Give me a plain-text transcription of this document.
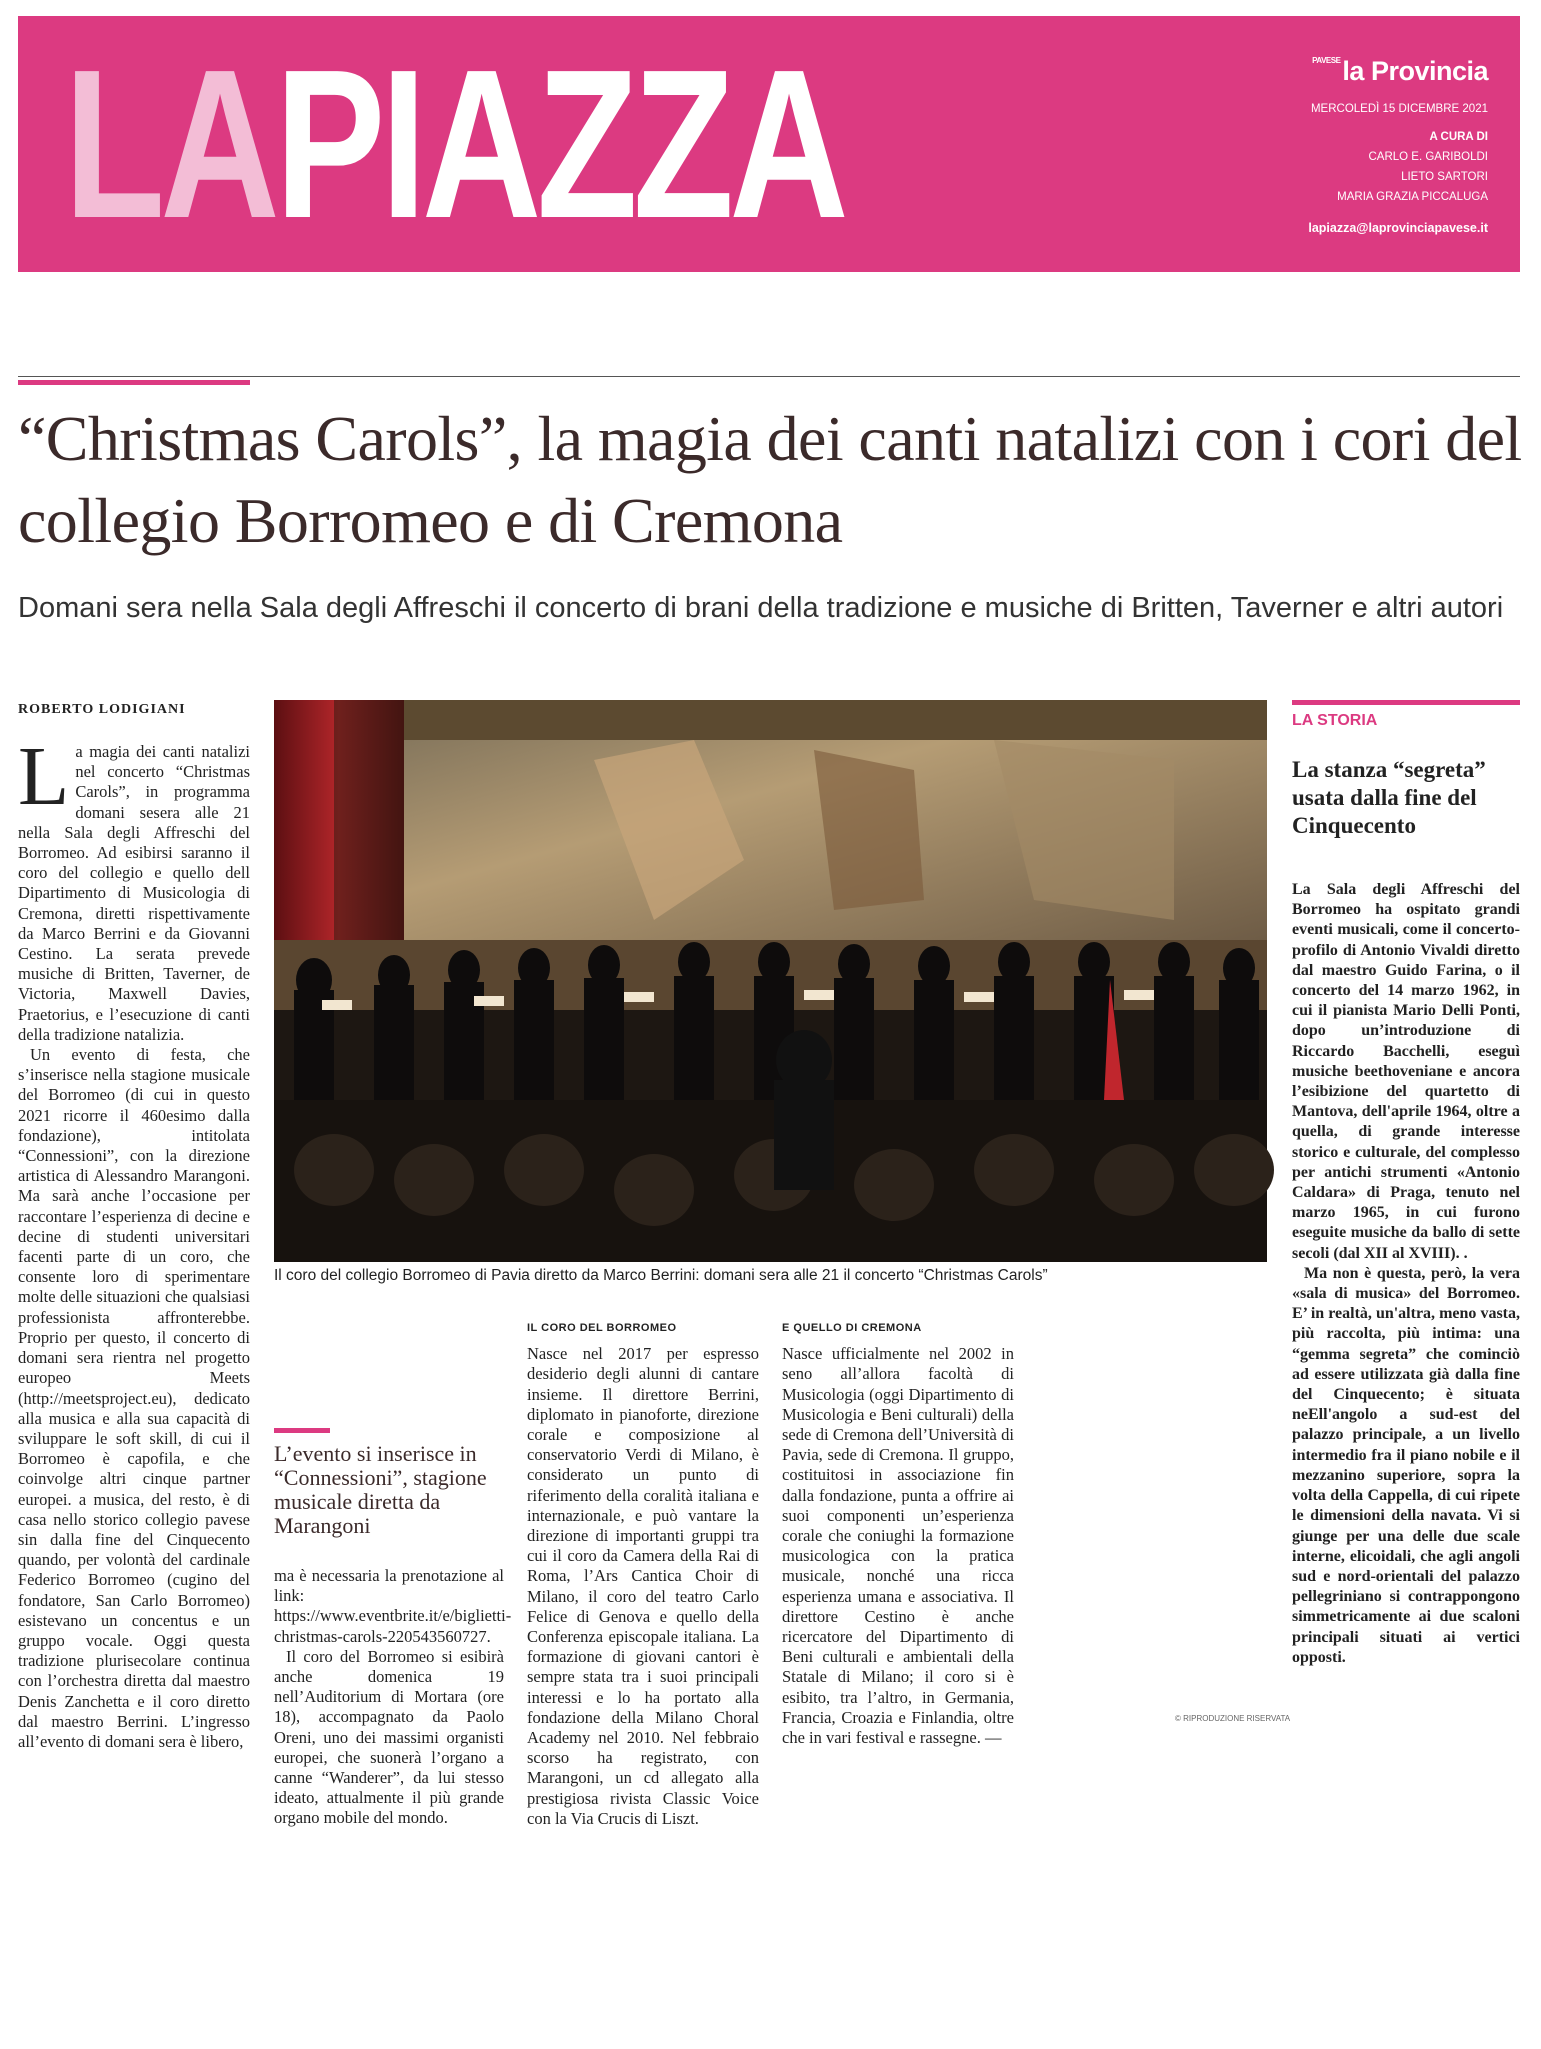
LAPIAZZA	$^{PAVESE}$la Provincia
MERCOLEDÌ 15 DICEMBRE 2021
A CURA DI
CARLO E. GARIBOLDI
LIETO SARTORI
MARIA GRAZIA PICCALUGA
lapiazza@laprovinciapavese.it
“Christmas Carols”, la magia dei canti natalizi con i cori del collegio Borromeo e di Cremona
Domani sera nella Sala degli Affreschi il concerto di brani della tradizione e musiche di Britten, Taverner e altri autori
ROBERTO LODIGIANI

La magia dei canti natalizi nel concerto “Christmas Carols”, in programma domani sesera alle 21 nella Sala degli Affreschi del Borromeo. Ad esibirsi saranno il coro del collegio e quello dell Dipartimento di Musicologia di Cremona, diretti rispettivamente da Marco Berrini e da Giovanni Cestino. La serata prevede musiche di Britten, Taverner, de Victoria, Maxwell Davies, Praetorius, e l’esecuzione di canti della tradizione natalizia.

Un evento di festa, che s’inserisce nella stagione musicale del Borromeo (di cui in questo 2021 ricorre il 460esimo dalla fondazione), intitolata “Connessioni”, con la direzione artistica di Alessandro Marangoni. Ma sarà anche l’occasione per raccontare l’esperienza di decine e decine di studenti universitari facenti parte di un coro, che consente loro di sperimentare molte delle situazioni che qualsiasi professionista affronterebbe. Proprio per questo, il concerto di domani sera rientra nel progetto europeo Meets (http://meetsproject.eu), dedicato alla musica e alla sua capacità di sviluppare le soft skill, di cui il Borromeo è capofila, e che coinvolge altri cinque partner europei. a musica, del resto, è di casa nello storico collegio pavese sin dalla fine del Cinquecento quando, per volontà del cardinale Federico Borromeo (cugino del fondatore, San Carlo Borromeo) esistevano un concentus e un gruppo vocale. Oggi questa tradizione plurisecolare continua con l’orchestra diretta dal maestro Denis Zanchetta e il coro diretto dal maestro Berrini. L’ingresso all’evento di domani sera è libero,

Il coro del collegio Borromeo di Pavia diretto da Marco Berrini: domani sera alle 21 il concerto “Christmas Carols”
L’evento si inserisce in “Connessioni”, stagione musicale diretta da Marangoni

ma è necessaria la prenotazione al link: https://www.eventbrite.it/e/biglietti-christmas-carols-220543560727.

Il coro del Borromeo si esibirà anche domenica 19 nell’Auditorium di Mortara (ore 18), accompagnato da Paolo Oreni, uno dei massimi organisti europei, che suonerà l’organo a canne “Wanderer”, da lui stesso ideato, attualmente il più grande organo mobile del mondo.

IL CORO DEL BORROMEO

Nasce nel 2017 per espresso desiderio degli alunni di cantare insieme. Il direttore Berrini, diplomato in pianoforte, direzione corale e composizione al conservatorio Verdi di Milano, è considerato un punto di riferimento della coralità italiana e internazionale, e può vantare la direzione di importanti gruppi tra cui il coro da Camera della Rai di Roma, l’Ars Cantica Choir di Milano, il coro del teatro Carlo Felice di Genova e quello della Conferenza episcopale italiana. La formazione di giovani cantori è sempre stata tra i suoi principali interessi e lo ha portato alla fondazione della Milano Choral Academy nel 2010. Nel febbraio scorso ha registrato, con Marangoni, un cd allegato alla prestigiosa rivista Classic Voice con la Via Crucis di Liszt.

E QUELLO DI CREMONA

Nasce ufficialmente nel 2002 in seno all’allora facoltà di Musicologia (oggi Dipartimento di Musicologia e Beni culturali) della sede di Cremona dell’Università di Pavia, sede di Cremona. Il gruppo, costituitosi in associazione fin dalla fondazione, punta a offrire ai suoi componenti un’esperienza corale che coniughi la formazione musicologica con la pratica musicale, nonché una ricca esperienza umana e associativa. Il direttore Cestino è anche ricercatore del Dipartimento di Beni culturali e ambientali della Statale di Milano; il coro si è esibito, tra l’altro, in Germania, Francia, Croazia e Finlandia, oltre che in vari festival e rassegne. —

© RIPRODUZIONE RISERVATA
LA STORIA
La stanza “segreta” usata dalla fine del Cinquecento

La Sala degli Affreschi del Borromeo ha ospitato grandi eventi musicali, come il concerto-profilo di Antonio Vivaldi diretto dal maestro Guido Farina, o il concerto del 14 marzo 1962, in cui il pianista Mario Delli Ponti, dopo un’introduzione di Riccardo Bacchelli, eseguì musiche beethoveniane e ancora l’esibizione del quartetto di Mantova, dell'aprile 1964, oltre a quella, di grande interesse storico e culturale, del complesso per antichi strumenti «Antonio Caldara» di Praga, tenuto nel marzo 1965, in cui furono eseguite musiche da ballo di sette secoli (dal XII al XVIII). .

Ma non è questa, però, la vera «sala di musica» del Borromeo. E’ in realtà, un'altra, meno vasta, più raccolta, più intima: una “gemma segreta” che cominciò ad essere utilizzata già dalla fine del Cinquecento; è situata neEll'angolo a sud-est del palazzo principale, a un livello intermedio fra il piano nobile e il mezzanino superiore, sopra la volta della Cappella, di cui ripete le dimensioni della navata. Vi si giunge per una delle due scale interne, elicoidali, che agli angoli sud e nord-orientali del palazzo pellegriniano si contrappongono simmetricamente ai due scaloni principali situati ai vertici opposti.
